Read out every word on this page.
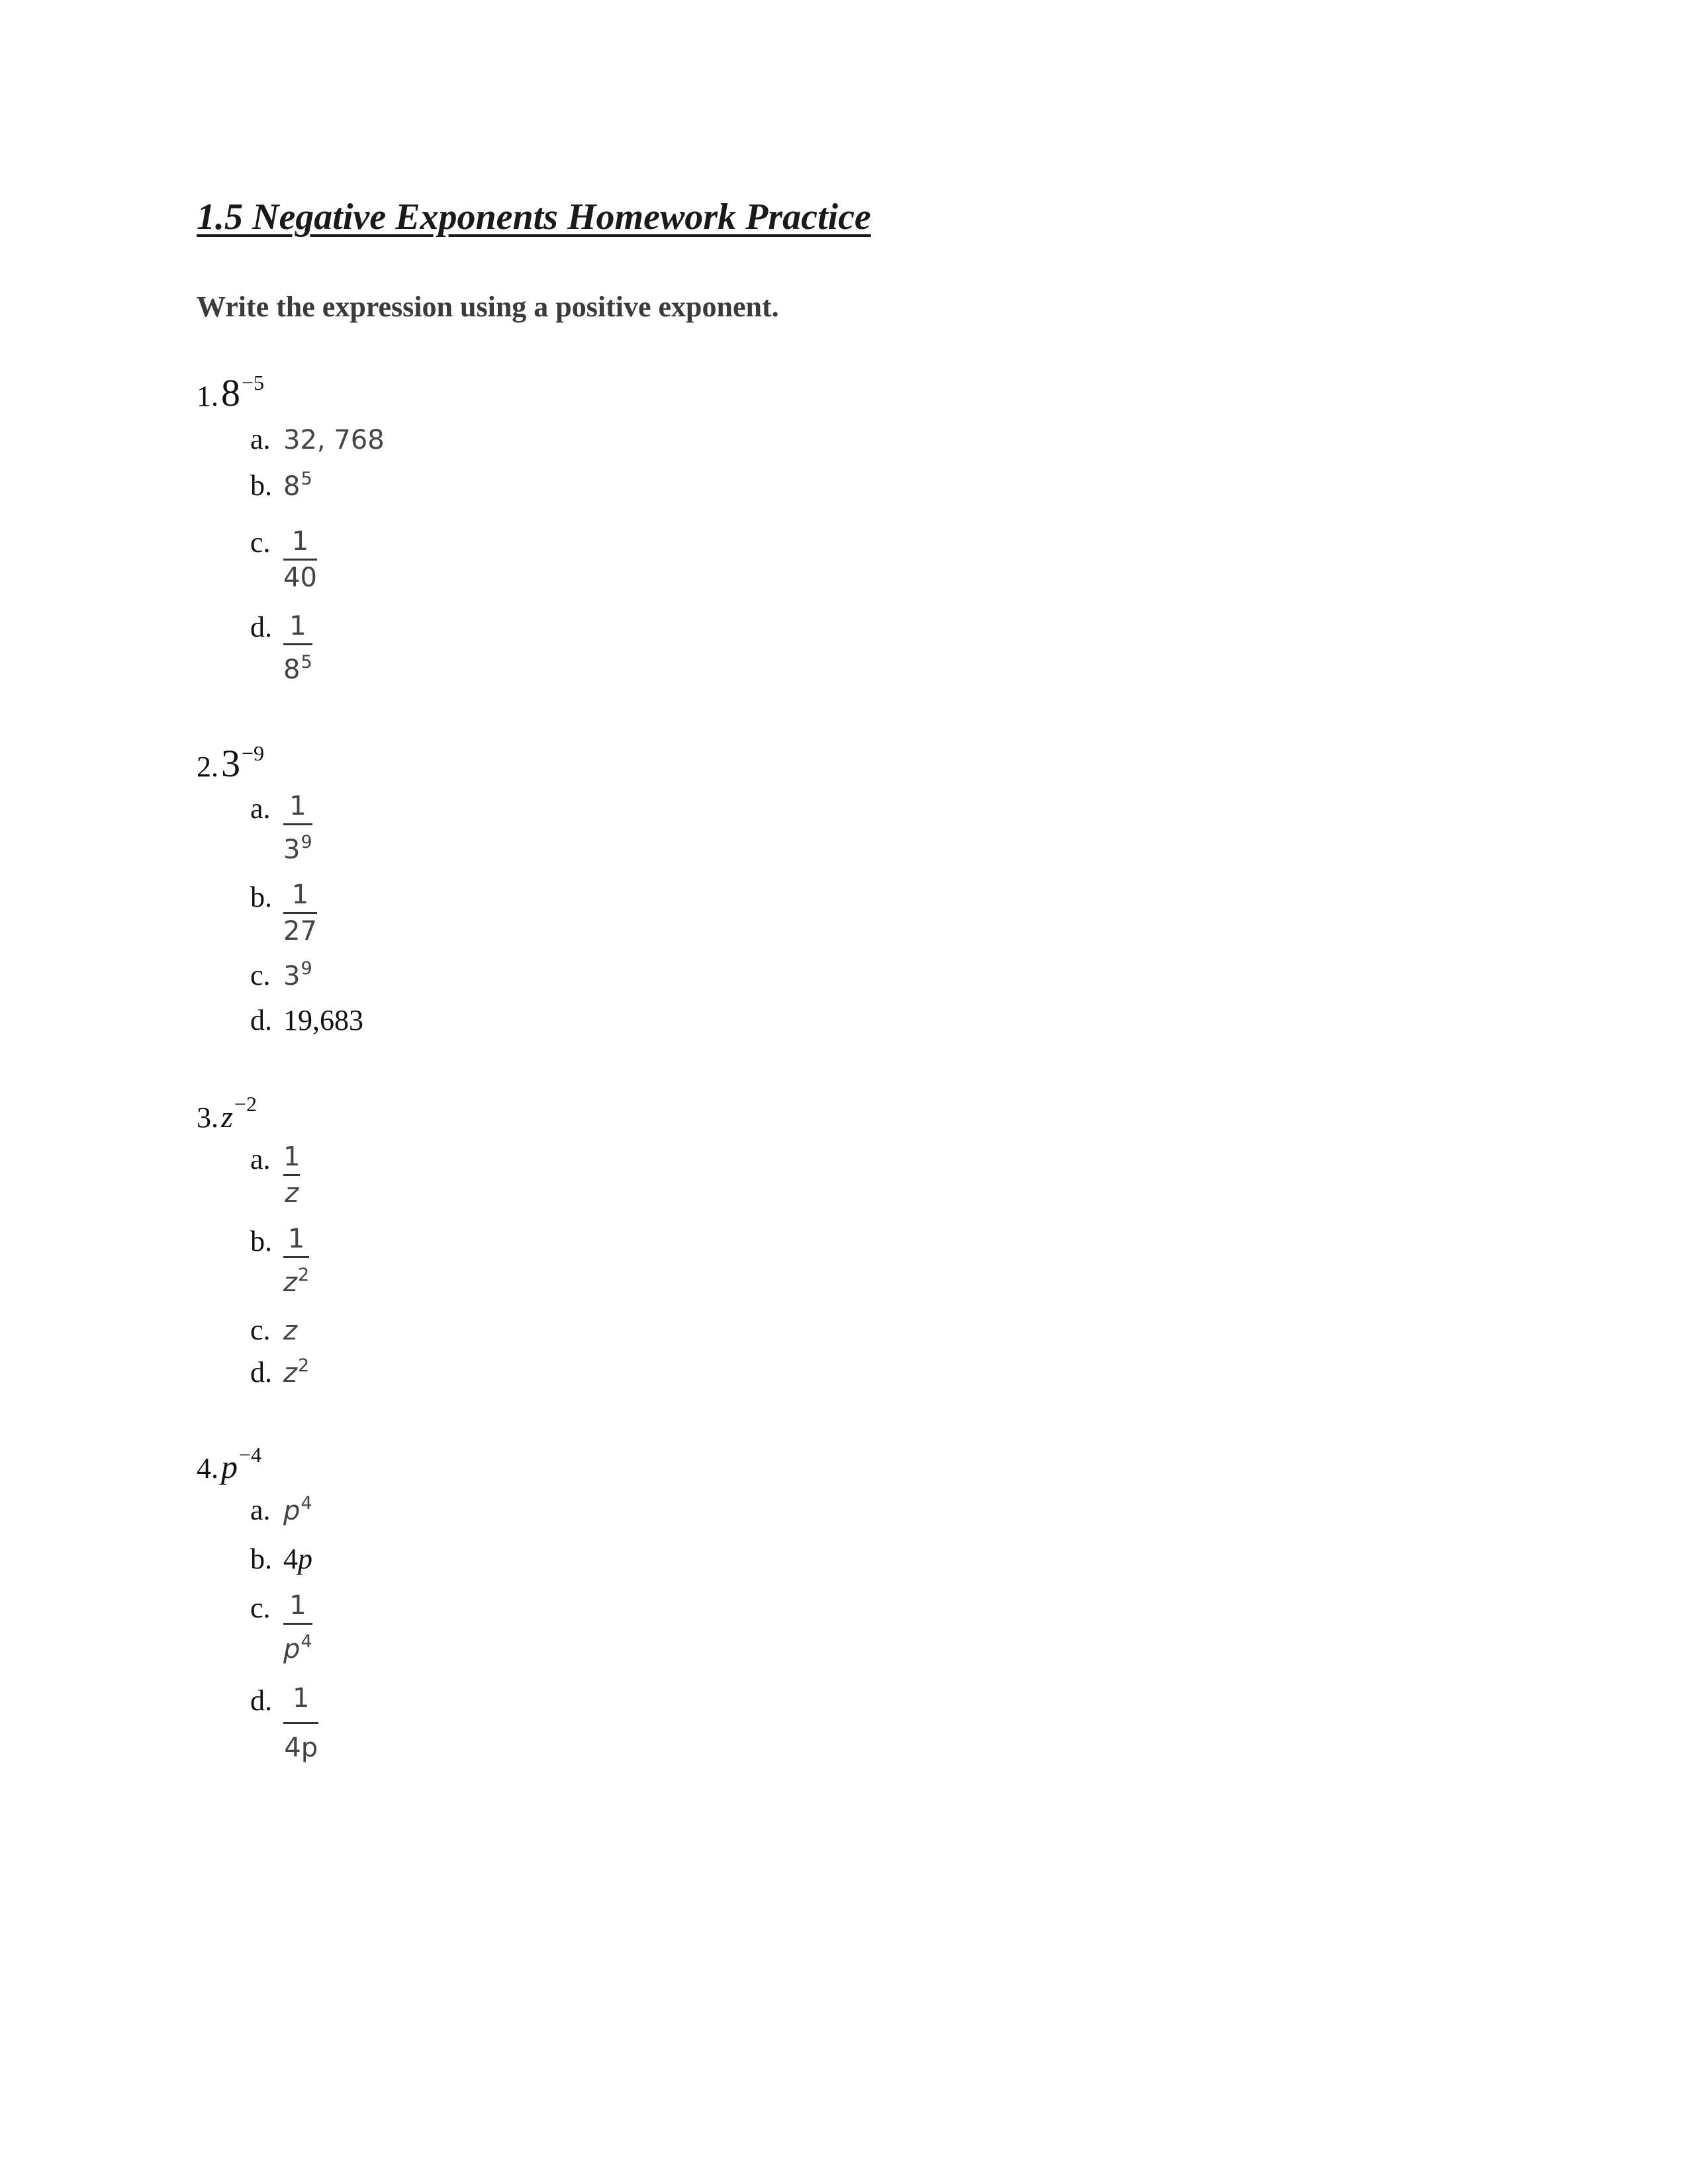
1.5 Negative Exponents Homework Practice
Write the expression using a positive exponent.
1. 8−5
a. 32, 768
b. $8^5$
c. $\frac{1}{40}$
d. $\frac{1}{8^5}$
2. 3−9
a. $\frac{1}{3^9}$
b. $\frac{1}{27}$
c. $3^9$
d. 19,683
3. z−2
a. $\frac{1}{z}$
b. $\frac{1}{z^2}$
c. z
d. $z^2$
4. p−4
a. $p^4$
b. 4p
c. $\frac{1}{p^4}$
d. $\frac{1}{4p}$
